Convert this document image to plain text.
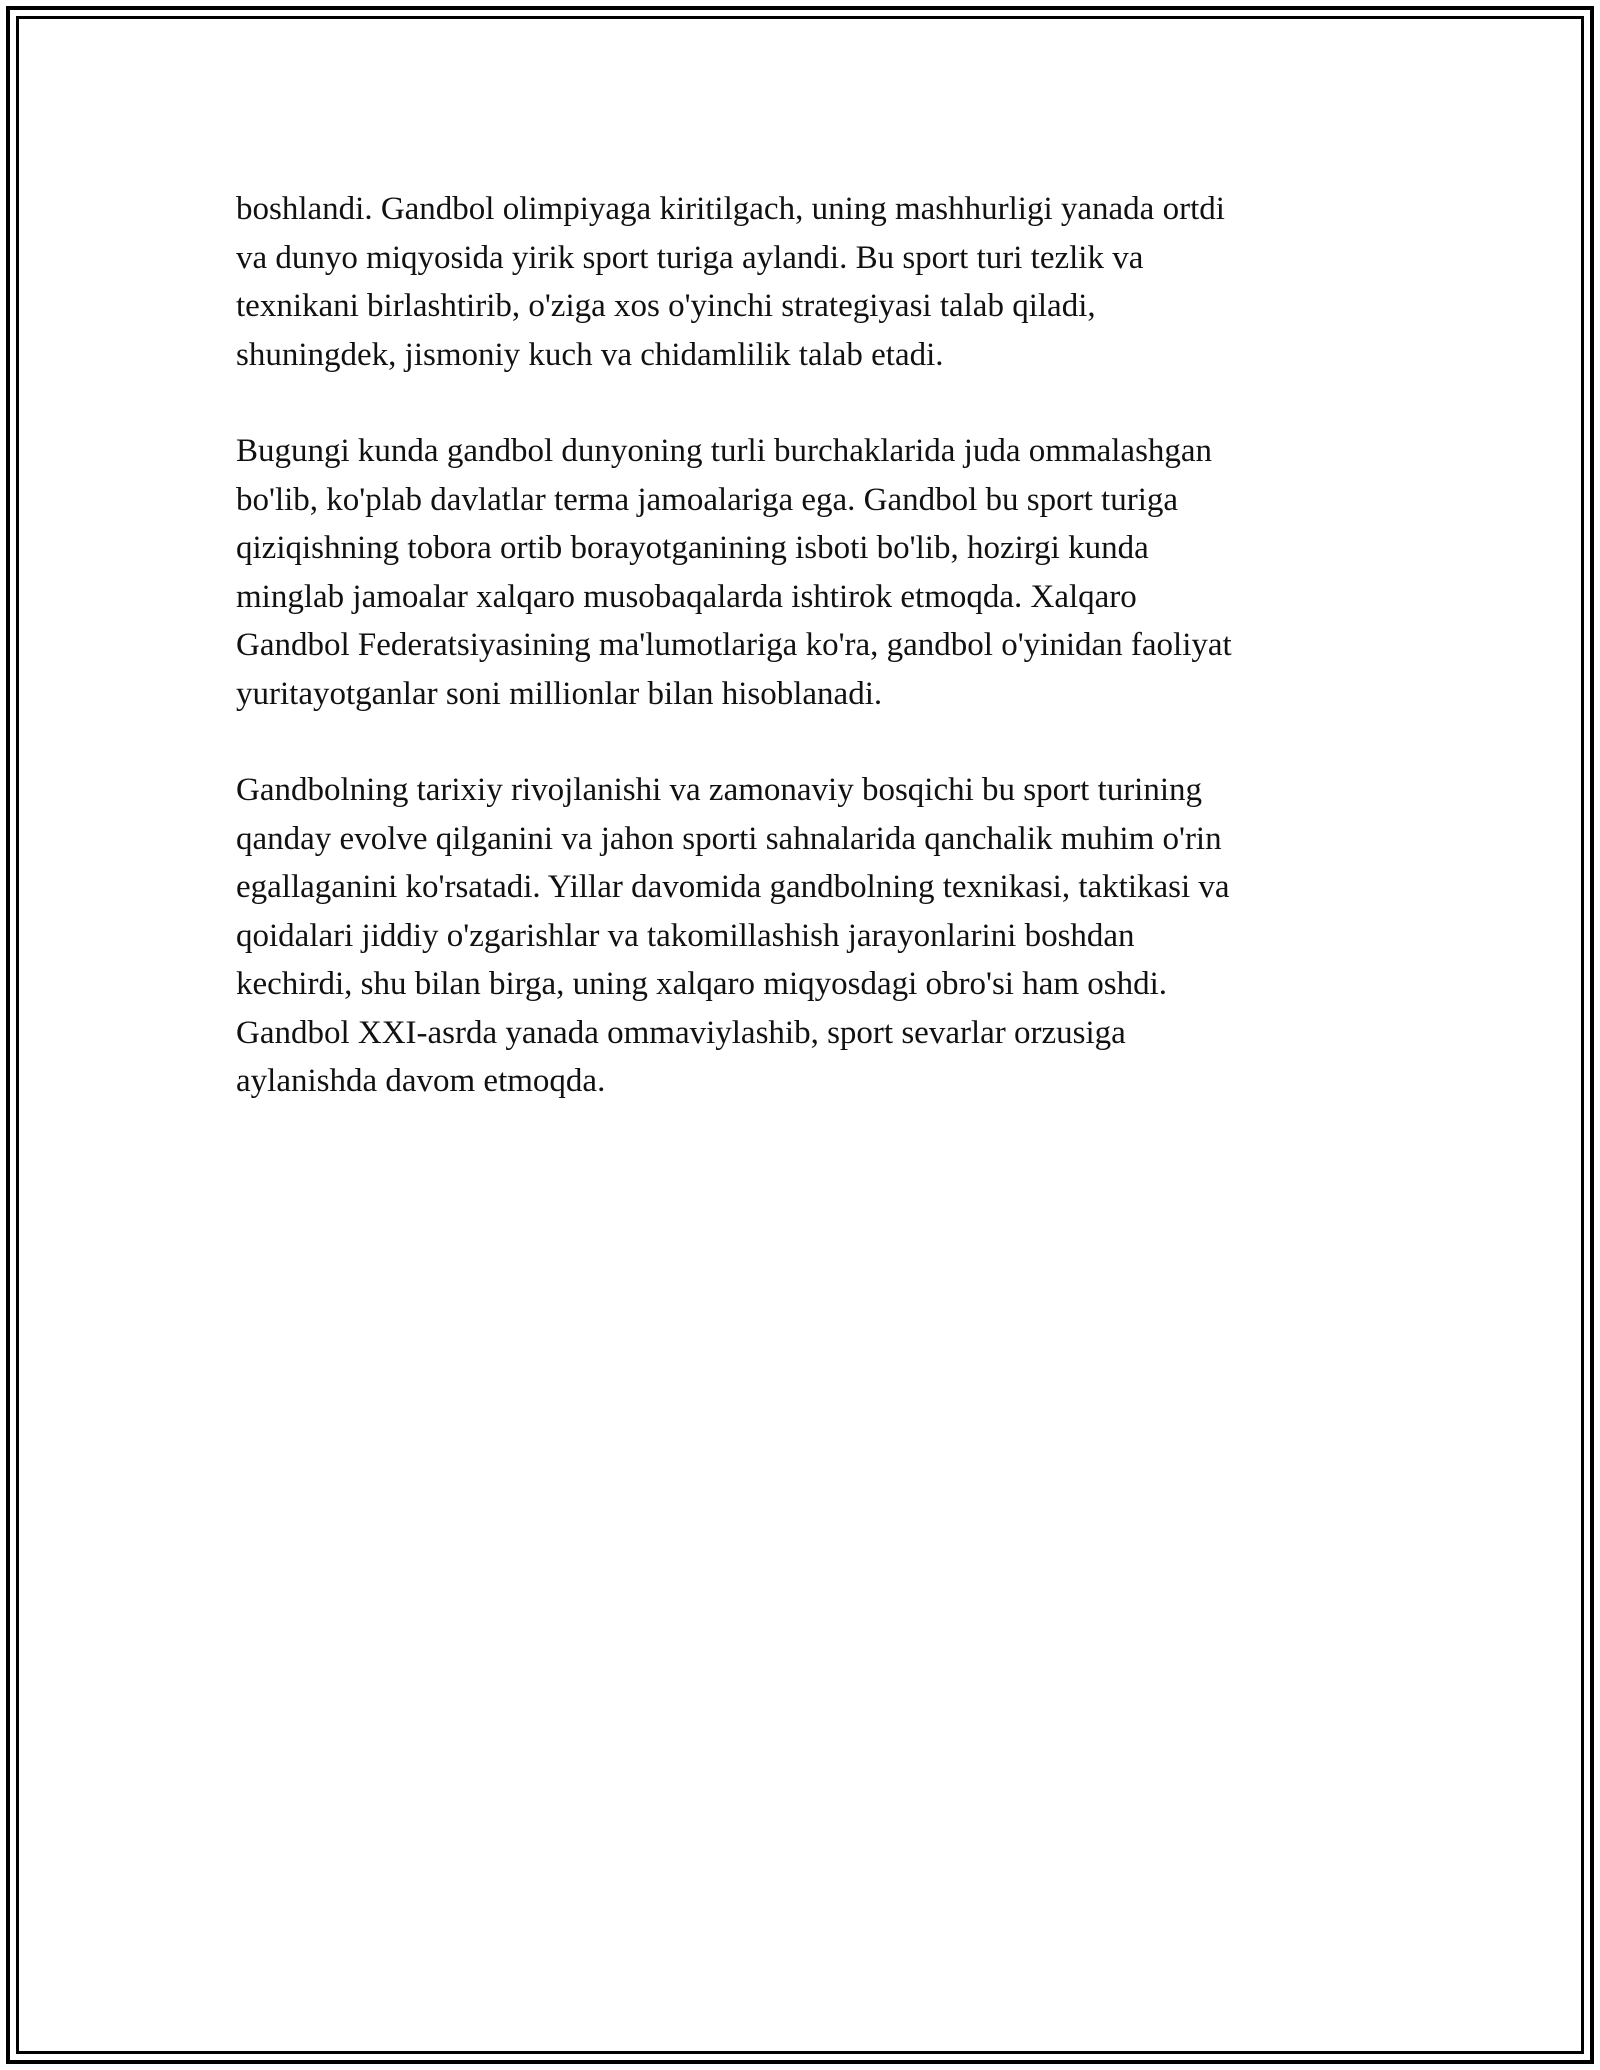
boshlandi. Gandbol olimpiyaga kiritilgach, uning mashhurligi yanada ortdi
va dunyo miqyosida yirik sport turiga aylandi. Bu sport turi tezlik va
texnikani birlashtirib, o'ziga xos o'yinchi strategiyasi talab qiladi,
shuningdek, jismoniy kuch va chidamlilik talab etadi.

Bugungi kunda gandbol dunyoning turli burchaklarida juda ommalashgan
bo'lib, ko'plab davlatlar terma jamoalariga ega. Gandbol bu sport turiga
qiziqishning tobora ortib borayotganining isboti bo'lib, hozirgi kunda
minglab jamoalar xalqaro musobaqalarda ishtirok etmoqda. Xalqaro
Gandbol Federatsiyasining ma'lumotlariga ko'ra, gandbol o'yinidan faoliyat
yuritayotganlar soni millionlar bilan hisoblanadi.

Gandbolning tarixiy rivojlanishi va zamonaviy bosqichi bu sport turining
qanday evolve qilganini va jahon sporti sahnalarida qanchalik muhim o'rin
egallaganini ko'rsatadi. Yillar davomida gandbolning texnikasi, taktikasi va
qoidalari jiddiy o'zgarishlar va takomillashish jarayonlarini boshdan
kechirdi, shu bilan birga, uning xalqaro miqyosdagi obro'si ham oshdi.
Gandbol XXI-asrda yanada ommaviylashib, sport sevarlar orzusiga
aylanishda davom etmoqda.
